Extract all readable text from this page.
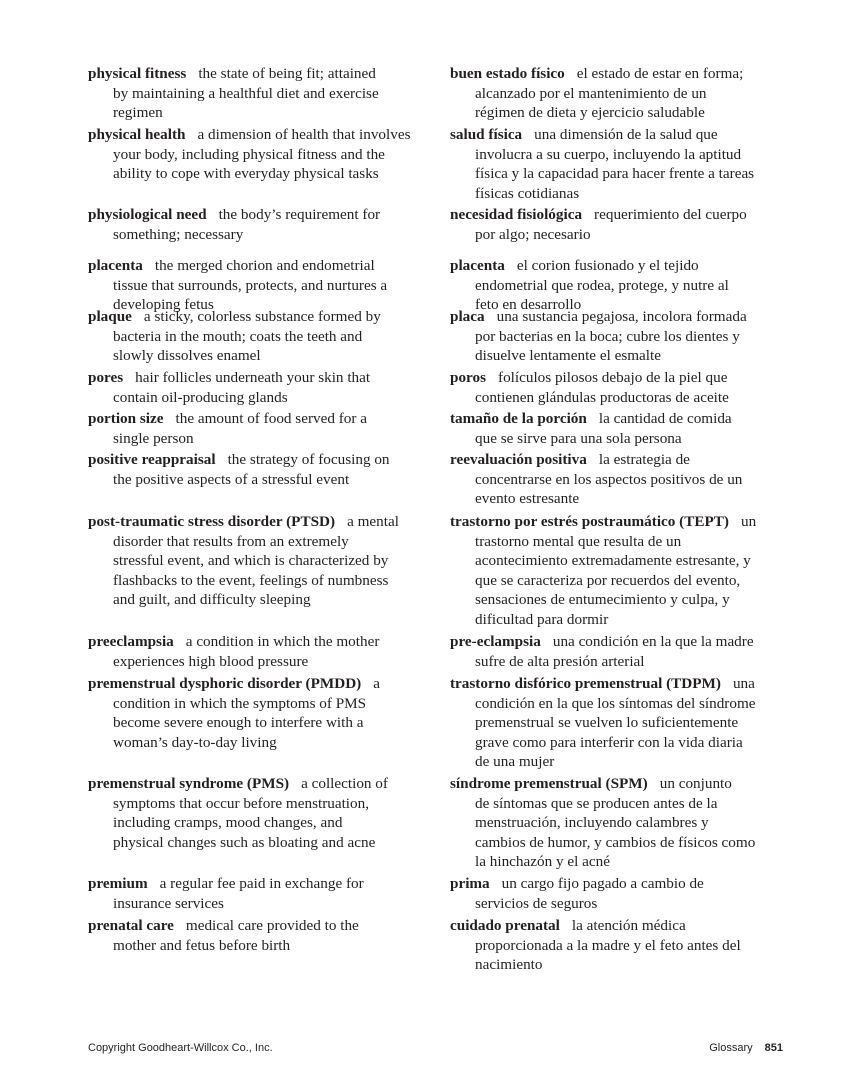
physical fitness the state of being fit; attained
by maintaining a healthful diet and exercise
regimen
physical health a dimension of health that involves
your body, including physical fitness and the
ability to cope with everyday physical tasks
physiological need the body’s requirement for
something; necessary
placenta the merged chorion and endometrial
tissue that surrounds, protects, and nurtures a
developing fetus
plaque a sticky, colorless substance formed by
bacteria in the mouth; coats the teeth and
slowly dissolves enamel
pores hair follicles underneath your skin that
contain oil-producing glands
portion size the amount of food served for a
single person
positive reappraisal the strategy of focusing on
the positive aspects of a stressful event
post-traumatic stress disorder (PTSD) a mental
disorder that results from an extremely
stressful event, and which is characterized by
flashbacks to the event, feelings of numbness
and guilt, and difficulty sleeping
preeclampsia a condition in which the mother
experiences high blood pressure
premenstrual dysphoric disorder (PMDD) a
condition in which the symptoms of PMS
become severe enough to interfere with a
woman’s day-to-day living
premenstrual syndrome (PMS) a collection of
symptoms that occur before menstruation,
including cramps, mood changes, and
physical changes such as bloating and acne
premium a regular fee paid in exchange for
insurance services
prenatal care medical care provided to the
mother and fetus before birth
buen estado físico el estado de estar en forma;
alcanzado por el mantenimiento de un
régimen de dieta y ejercicio saludable
salud física una dimensión de la salud que
involucra a su cuerpo, incluyendo la aptitud
física y la capacidad para hacer frente a tareas
físicas cotidianas
necesidad fisiológica requerimiento del cuerpo
por algo; necesario
placenta el corion fusionado y el tejido
endometrial que rodea, protege, y nutre al
feto en desarrollo
placa una sustancia pegajosa, incolora formada
por bacterias en la boca; cubre los dientes y
disuelve lentamente el esmalte
poros folículos pilosos debajo de la piel que
contienen glándulas productoras de aceite
tamaño de la porción la cantidad de comida
que se sirve para una sola persona
reevaluación positiva la estrategia de
concentrarse en los aspectos positivos de un
evento estresante
trastorno por estrés postraumático (TEPT) un
trastorno mental que resulta de un
acontecimiento extremadamente estresante, y
que se caracteriza por recuerdos del evento,
sensaciones de entumecimiento y culpa, y
dificultad para dormir
pre-eclampsia una condición en la que la madre
sufre de alta presión arterial
trastorno disfórico premenstrual (TDPM) una
condición en la que los síntomas del síndrome
premenstrual se vuelven lo suficientemente
grave como para interferir con la vida diaria
de una mujer
síndrome premenstrual (SPM) un conjunto
de síntomas que se producen antes de la
menstruación, incluyendo calambres y
cambios de humor, y cambios de físicos como
la hinchazón y el acné
prima un cargo fijo pagado a cambio de
servicios de seguros
cuidado prenatal la atención médica
proporcionada a la madre y el feto antes del
nacimiento
Copyright Goodheart-Willcox Co., Inc.	Glossary 851
